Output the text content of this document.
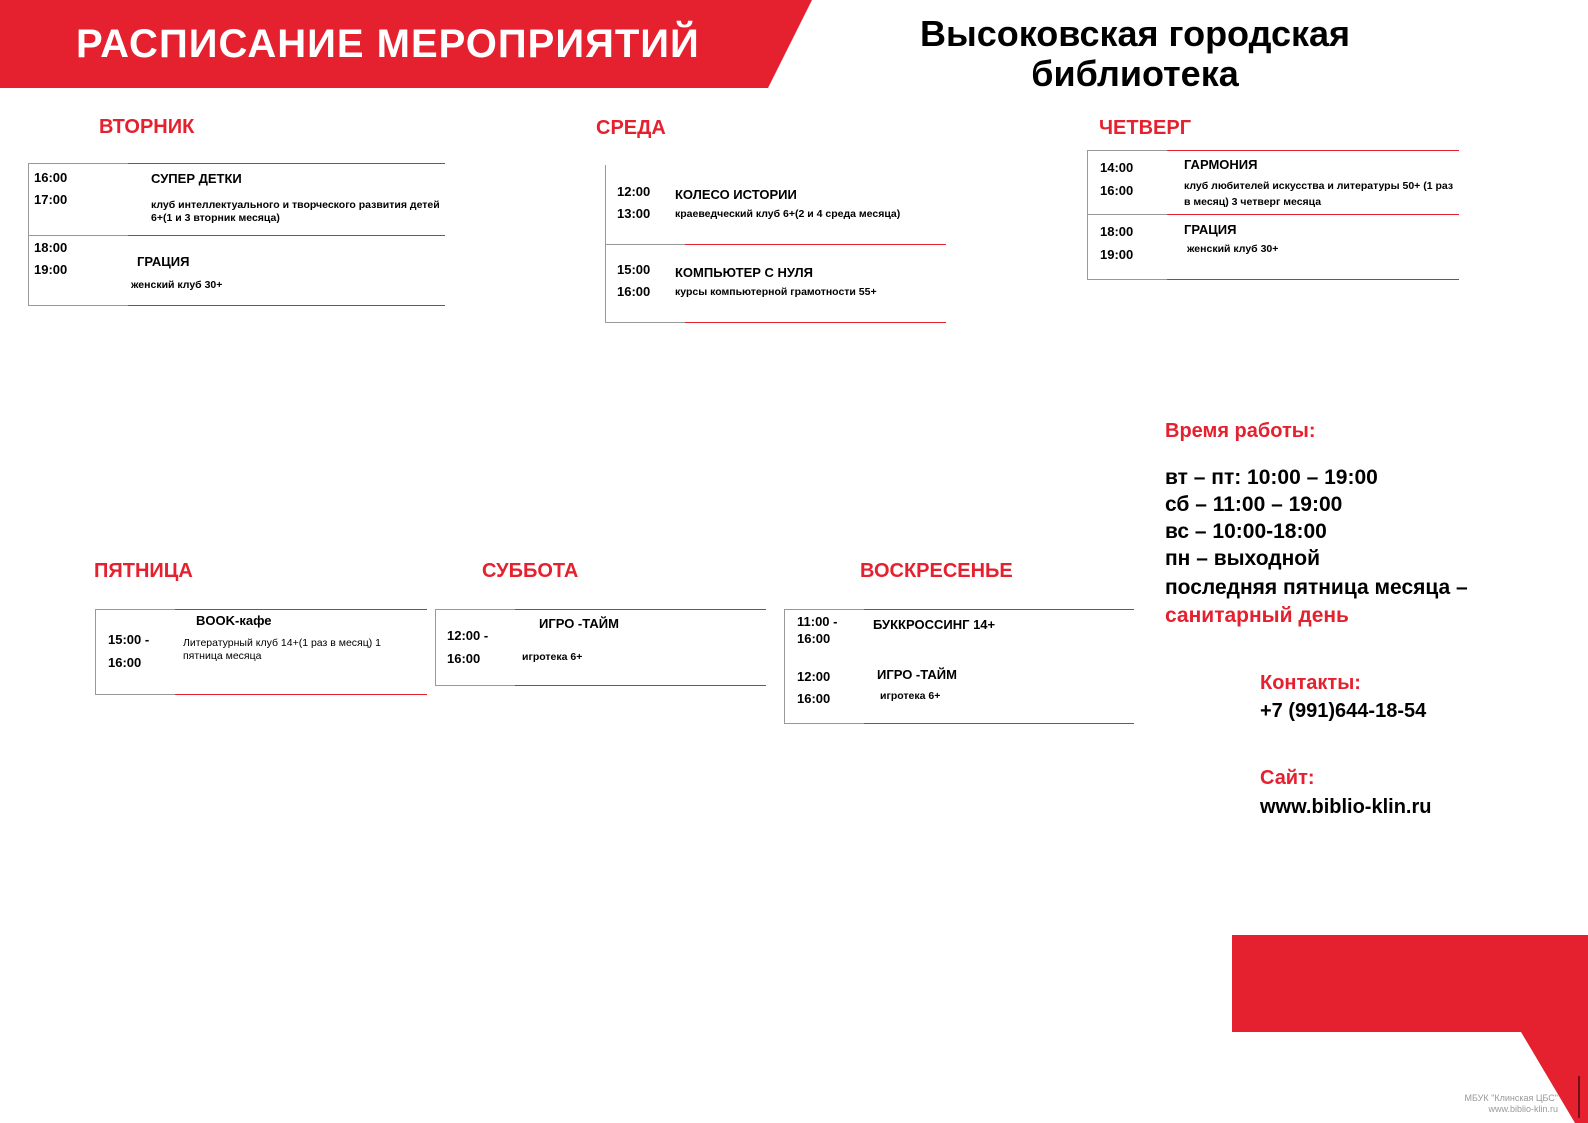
РАСПИСАНИЕ МЕРОПРИЯТИЙ	Высоковская городская библиотека
ВТОРНИК
16:00
17:00
СУПЕР ДЕТКИ
клуб интеллектуального и творческого развития детей 6+(1 и 3 вторник месяца)
18:00
19:00
ГРАЦИЯ
женский клуб 30+
СРЕДА
12:00
13:00
КОЛЕСО ИСТОРИИ
краеведческий клуб 6+(2 и 4 среда месяца)
15:00
16:00
КОМПЬЮТЕР С НУЛЯ
курсы компьютерной грамотности 55+
ЧЕТВЕРГ
14:00
16:00
ГАРМОНИЯ
клуб любителей искусства и литературы 50+ (1 раз в месяц) 3 четверг месяца
18:00
19:00
ГРАЦИЯ
женский клуб 30+
ПЯТНИЦА
15:00 -
16:00
BOOK-кафе
Литературный клуб 14+(1 раз в месяц) 1 пятница месяца
СУББОТА
12:00 -
16:00
ИГРО -ТАЙМ
игротека 6+
ВОСКРЕСЕНЬЕ
11:00 -
16:00
БУККРОССИНГ 14+
12:00
16:00
ИГРО -ТАЙМ
игротека 6+
Время работы:
вт – пт: 10:00 – 19:00
сб – 11:00 – 19:00
вс – 10:00-18:00
пн – выходной
последняя пятница месяца –
санитарный день
Контакты:
+7 (991)644-18-54
Сайт:
www.biblio-klin.ru
МБУК "Клинская ЦБС"
www.biblio-klin.ru
